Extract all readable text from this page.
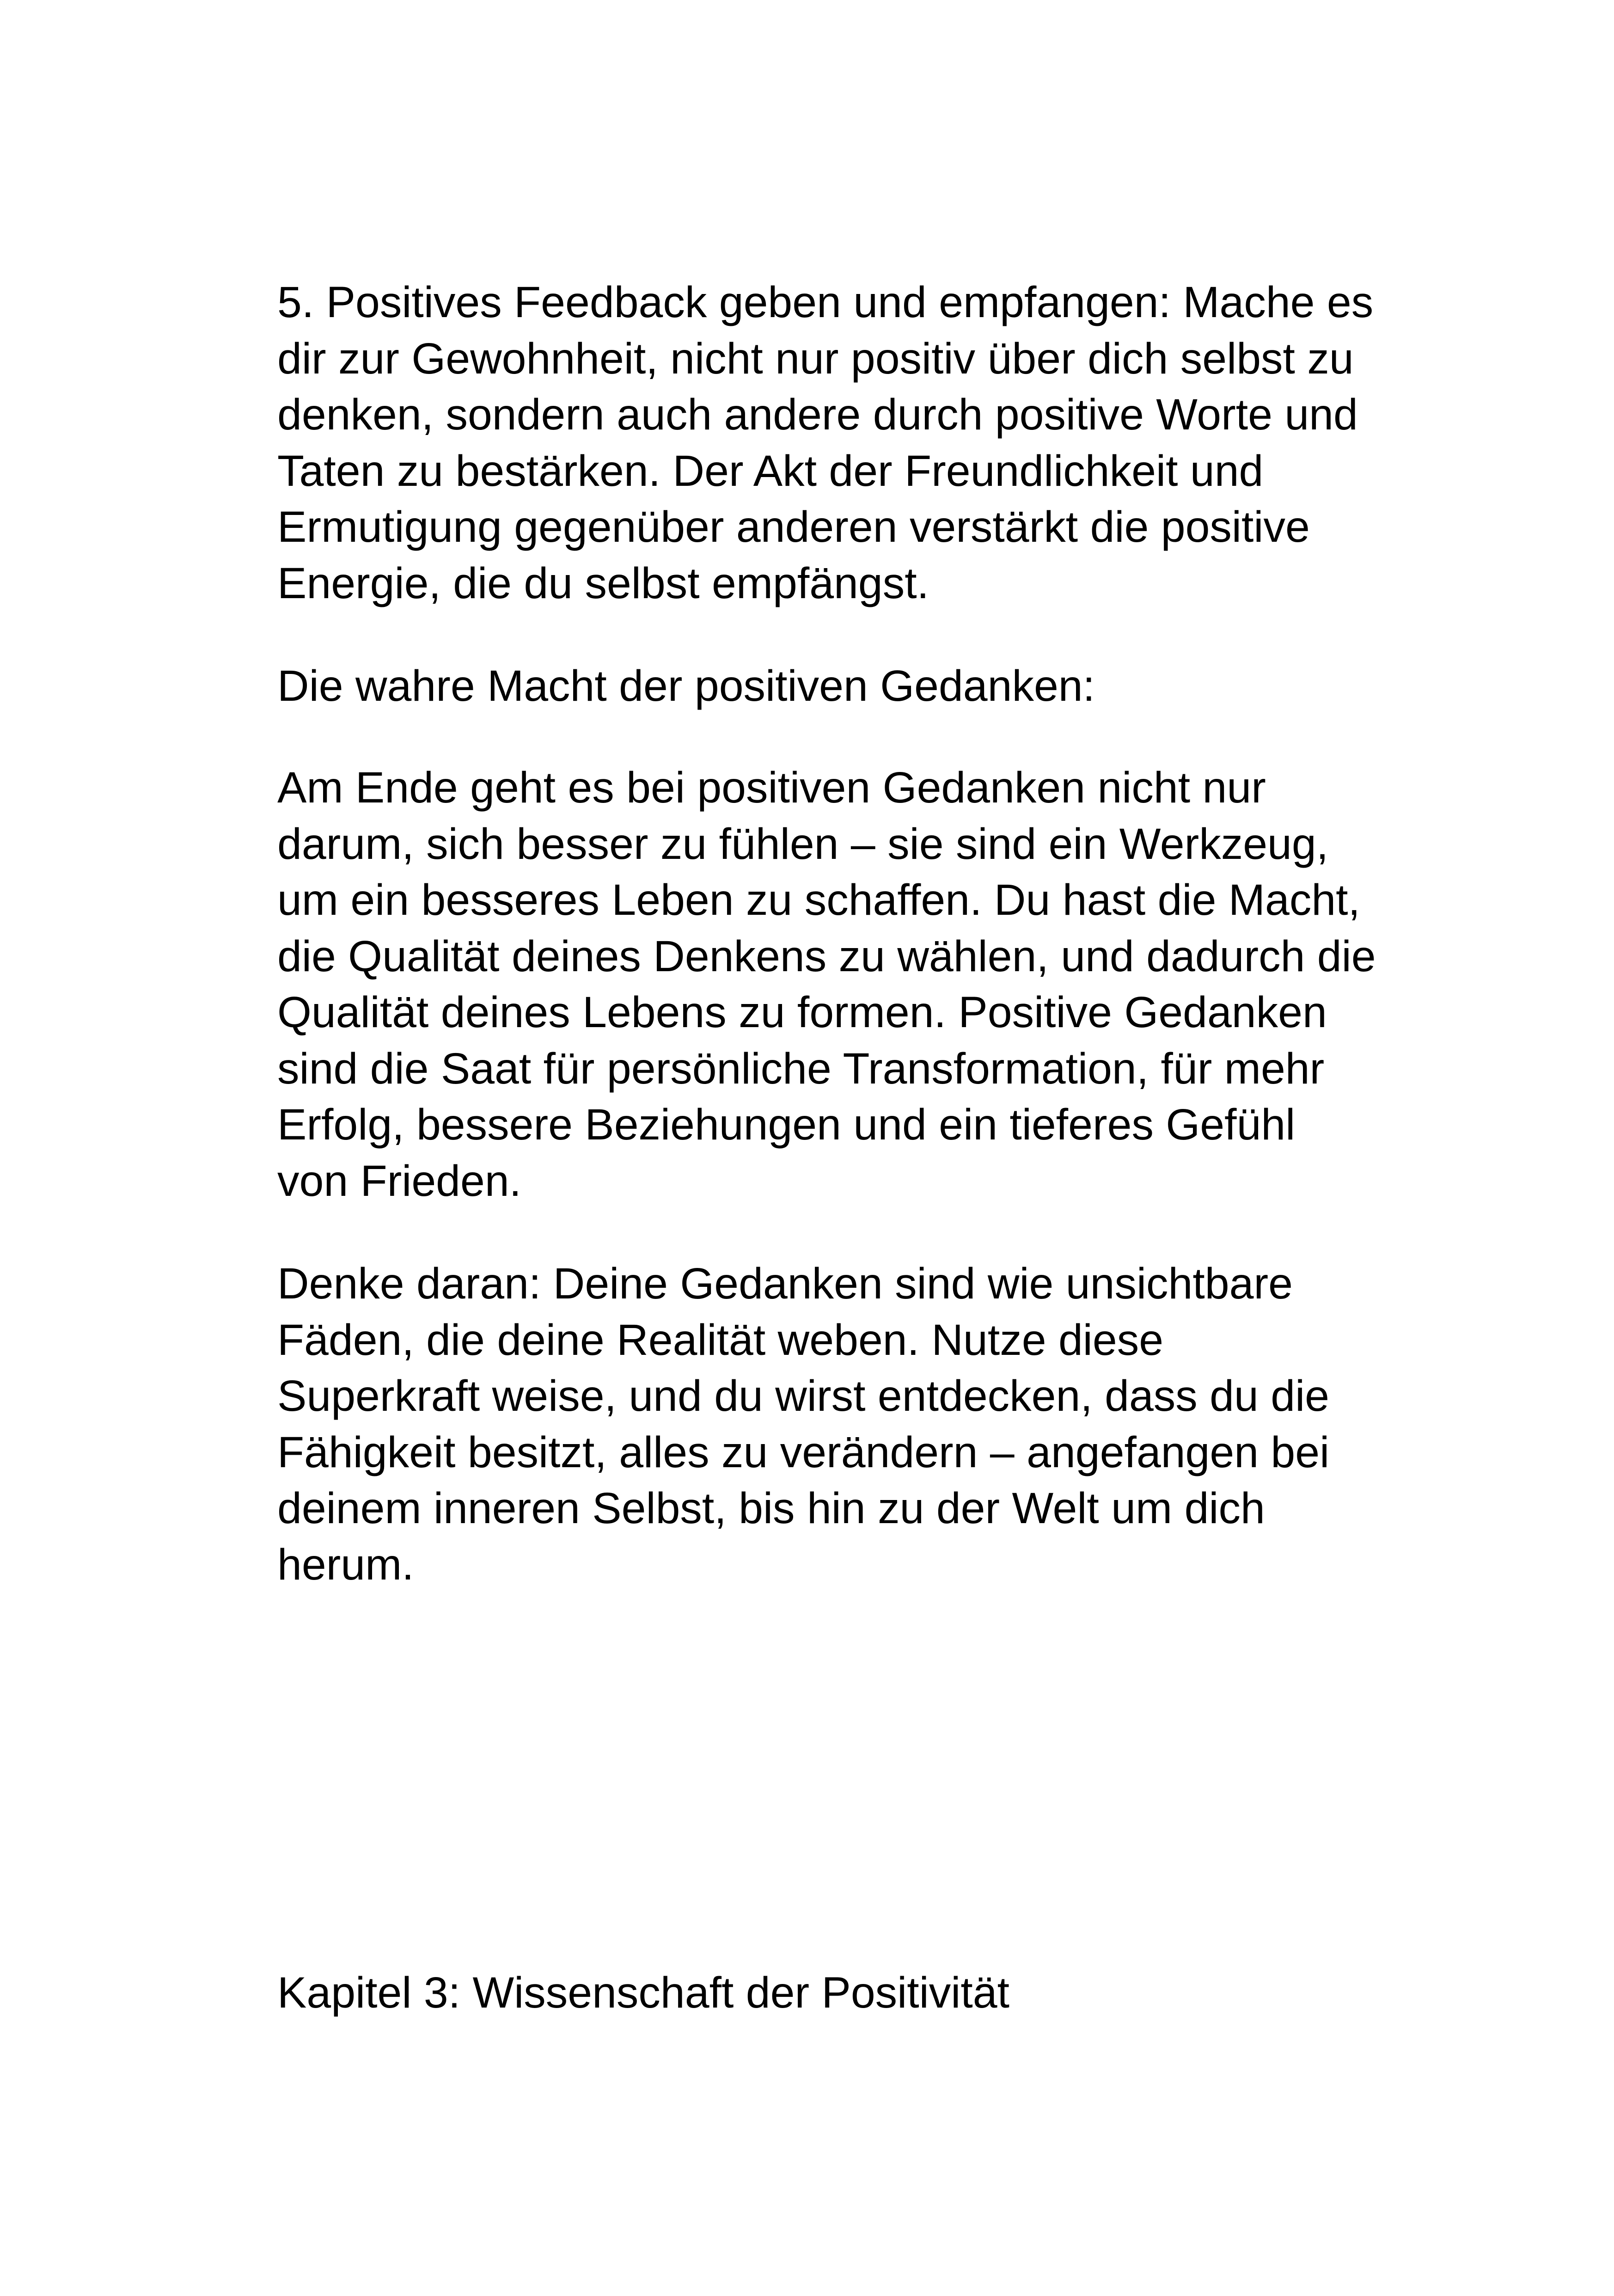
5. Positives Feedback geben und empfangen: Mache es
dir zur Gewohnheit, nicht nur positiv über dich selbst zu
denken, sondern auch andere durch positive Worte und
Taten zu bestärken. Der Akt der Freundlichkeit und
Ermutigung gegenüber anderen verstärkt die positive
Energie, die du selbst empfängst.

Die wahre Macht der positiven Gedanken:

Am Ende geht es bei positiven Gedanken nicht nur
darum, sich besser zu fühlen – sie sind ein Werkzeug,
um ein besseres Leben zu schaffen. Du hast die Macht,
die Qualität deines Denkens zu wählen, und dadurch die
Qualität deines Lebens zu formen. Positive Gedanken
sind die Saat für persönliche Transformation, für mehr
Erfolg, bessere Beziehungen und ein tieferes Gefühl
von Frieden.

Denke daran: Deine Gedanken sind wie unsichtbare
Fäden, die deine Realität weben. Nutze diese
Superkraft weise, und du wirst entdecken, dass du die
Fähigkeit besitzt, alles zu verändern – angefangen bei
deinem inneren Selbst, bis hin zu der Welt um dich
herum.

Kapitel 3: Wissenschaft der Positivität
